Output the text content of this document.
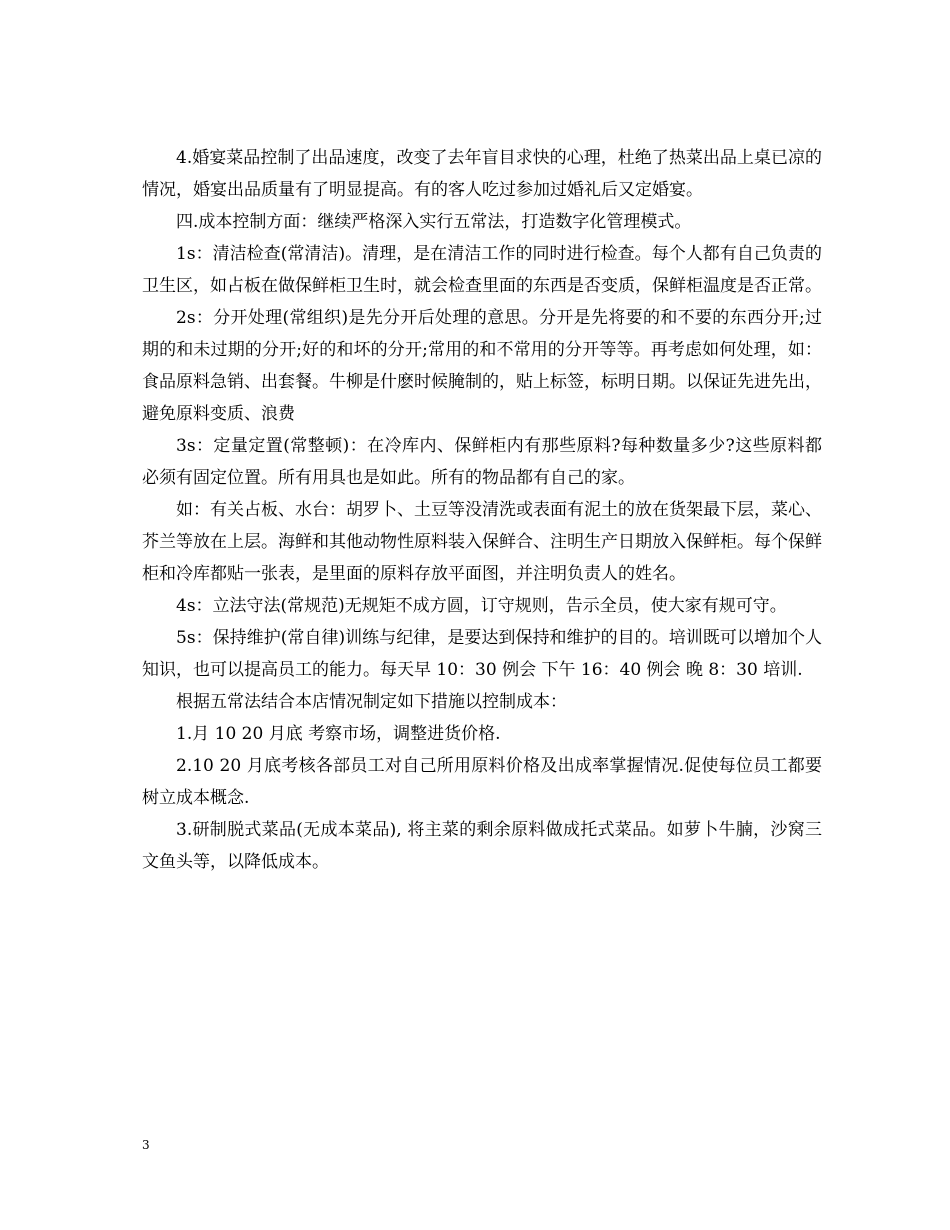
4.婚宴菜品控制了出品速度，改变了去年盲目求快的心理，杜绝了热菜出品上桌已凉的情况，婚宴出品质量有了明显提高。有的客人吃过参加过婚礼后又定婚宴。

四.成本控制方面：继续严格深入实行五常法，打造数字化管理模式。

1s：清洁检查(常清洁)。清理，是在清洁工作的同时进行检查。每个人都有自己负责的卫生区，如占板在做保鲜柜卫生时，就会检查里面的东西是否变质，保鲜柜温度是否正常。

2s：分开处理(常组织)是先分开后处理的意思。分开是先将要的和不要的东西分开;过期的和未过期的分开;好的和坏的分开;常用的和不常用的分开等等。再考虑如何处理，如：食品原料急销、出套餐。牛柳是什麽时候腌制的，贴上标签，标明日期。以保证先进先出，避免原料变质、浪费

3s：定量定置(常整顿)：在冷库内、保鲜柜内有那些原料?每种数量多少?这些原料都必须有固定位置。所有用具也是如此。所有的物品都有自己的家。

如：有关占板、水台：胡罗卜、土豆等没清洗或表面有泥土的放在货架最下层，菜心、芥兰等放在上层。海鲜和其他动物性原料装入保鲜合、注明生产日期放入保鲜柜。每个保鲜柜和冷库都贴一张表，是里面的原料存放平面图，并注明负责人的姓名。

4s：立法守法(常规范)无规矩不成方圆，订守规则，告示全员，使大家有规可守。

5s：保持维护(常自律)训练与纪律，是要达到保持和维护的目的。培训既可以增加个人知识，也可以提高员工的能力。每天早 10：30 例会 下午 16：40 例会 晚 8：30 培训.

根据五常法结合本店情况制定如下措施以控制成本：

1.月 10 20 月底 考察市场，调整进货价格.

2.10 20 月底考核各部员工对自己所用原料价格及出成率掌握情况.促使每位员工都要树立成本概念.

3.研制脱式菜品(无成本菜品), 将主菜的剩余原料做成托式菜品。如萝卜牛腩，沙窝三文鱼头等，以降低成本。

3
